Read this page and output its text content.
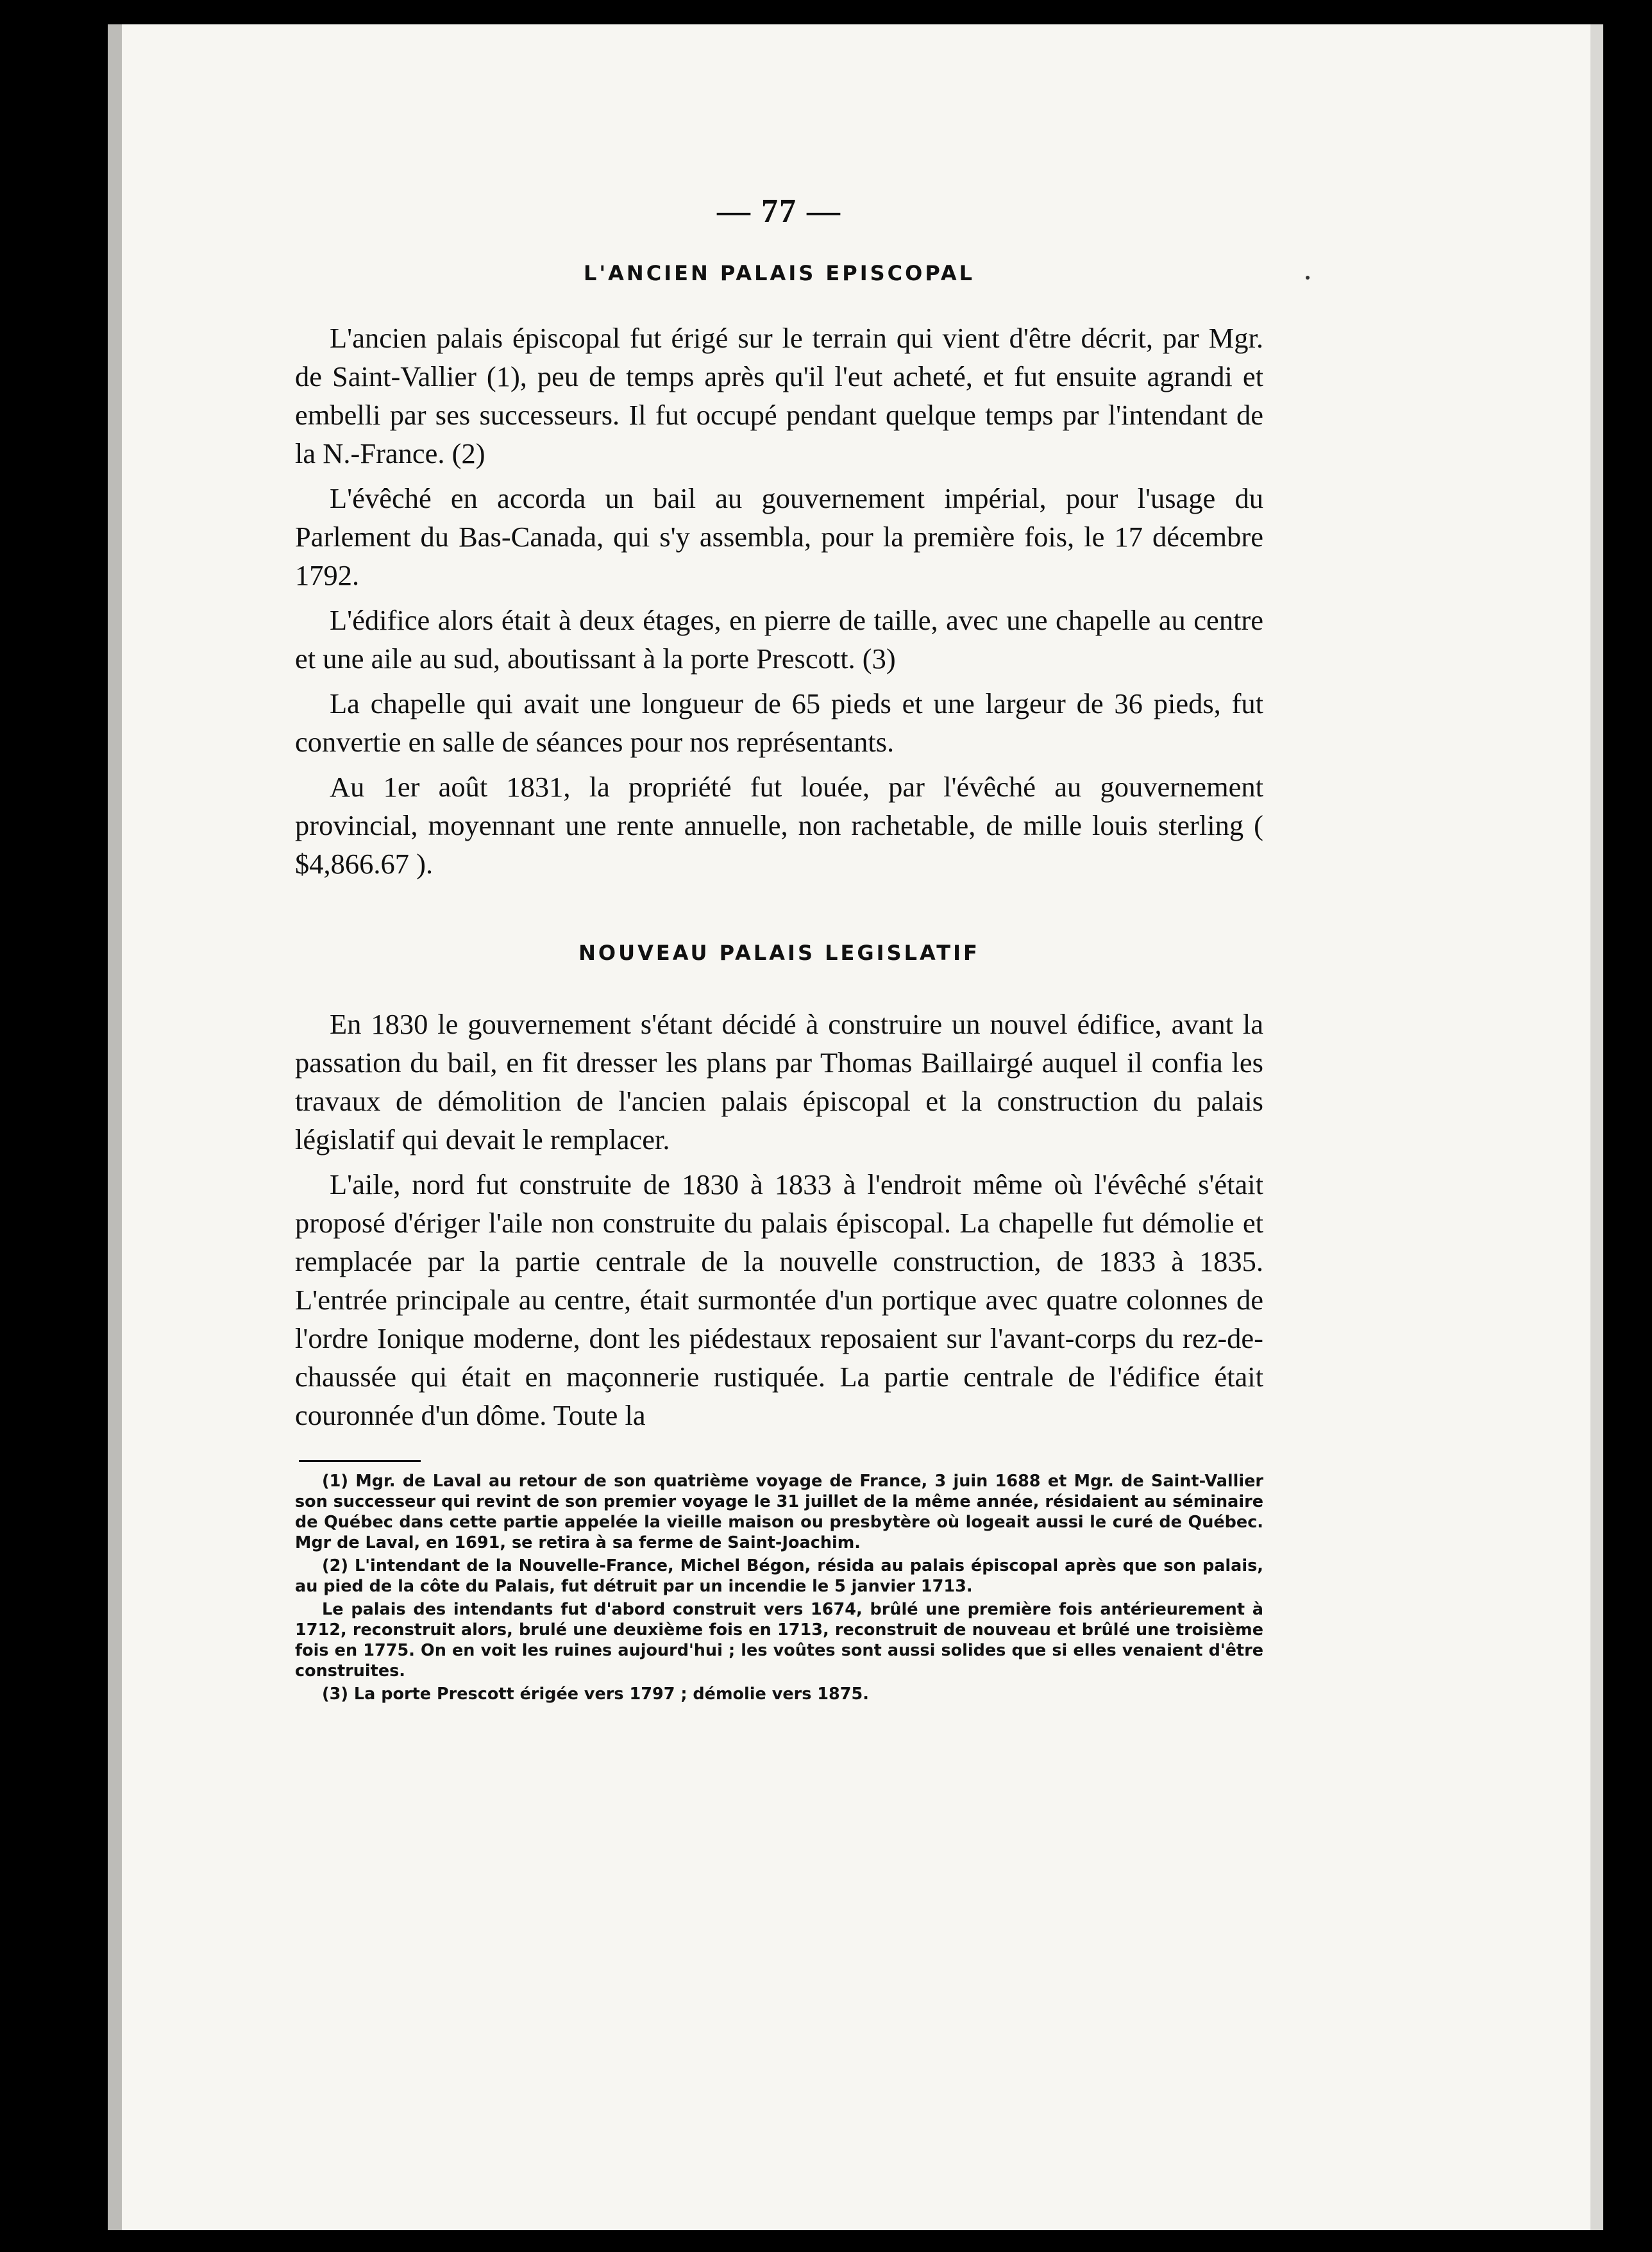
— 77 —

L'ANCIEN PALAIS EPISCOPAL

L'ancien palais épiscopal fut érigé sur le terrain qui vient d'être décrit, par Mgr. de Saint-Vallier (1), peu de temps après qu'il l'eut acheté, et fut ensuite agrandi et embelli par ses successeurs. Il fut occupé pendant quelque temps par l'intendant de la N.-France. (2)

L'évêché en accorda un bail au gouvernement impérial, pour l'usage du Parlement du Bas-Canada, qui s'y assembla, pour la première fois, le 17 décembre 1792.

L'édifice alors était à deux étages, en pierre de taille, avec une chapelle au centre et une aile au sud, aboutissant à la porte Prescott. (3)

La chapelle qui avait une longueur de 65 pieds et une largeur de 36 pieds, fut convertie en salle de séances pour nos représentants.

Au 1er août 1831, la propriété fut louée, par l'évêché au gouvernement provincial, moyennant une rente annuelle, non rachetable, de mille louis sterling ( $4,866.67 ).

NOUVEAU PALAIS LEGISLATIF

En 1830 le gouvernement s'étant décidé à construire un nouvel édifice, avant la passation du bail, en fit dresser les plans par Thomas Baillairgé auquel il confia les travaux de démolition de l'ancien palais épiscopal et la construction du palais législatif qui devait le remplacer.

L'aile, nord fut construite de 1830 à 1833 à l'endroit même où l'évêché s'était proposé d'ériger l'aile non construite du palais épiscopal. La chapelle fut démolie et remplacée par la partie centrale de la nouvelle construction, de 1833 à 1835. L'entrée principale au centre, était surmontée d'un portique avec quatre colonnes de l'ordre Ionique moderne, dont les piédestaux reposaient sur l'avant-corps du rez-de-chaussée qui était en maçonnerie rustiquée. La partie centrale de l'édifice était couronnée d'un dôme. Toute la

(1) Mgr. de Laval au retour de son quatrième voyage de France, 3 juin 1688 et Mgr. de Saint-Vallier son successeur qui revint de son premier voyage le 31 juillet de la même année, résidaient au séminaire de Québec dans cette partie appelée la vieille maison ou presbytère où logeait aussi le curé de Québec. Mgr de Laval, en 1691, se retira à sa ferme de Saint-Joachim.

(2) L'intendant de la Nouvelle-France, Michel Bégon, résida au palais épiscopal après que son palais, au pied de la côte du Palais, fut détruit par un incendie le 5 janvier 1713.

Le palais des intendants fut d'abord construit vers 1674, brûlé une première fois antérieurement à 1712, reconstruit alors, brulé une deuxième fois en 1713, reconstruit de nouveau et brûlé une troisième fois en 1775. On en voit les ruines aujourd'hui ; les voûtes sont aussi solides que si elles venaient d'être construites.

(3) La porte Prescott érigée vers 1797 ; démolie vers 1875.
